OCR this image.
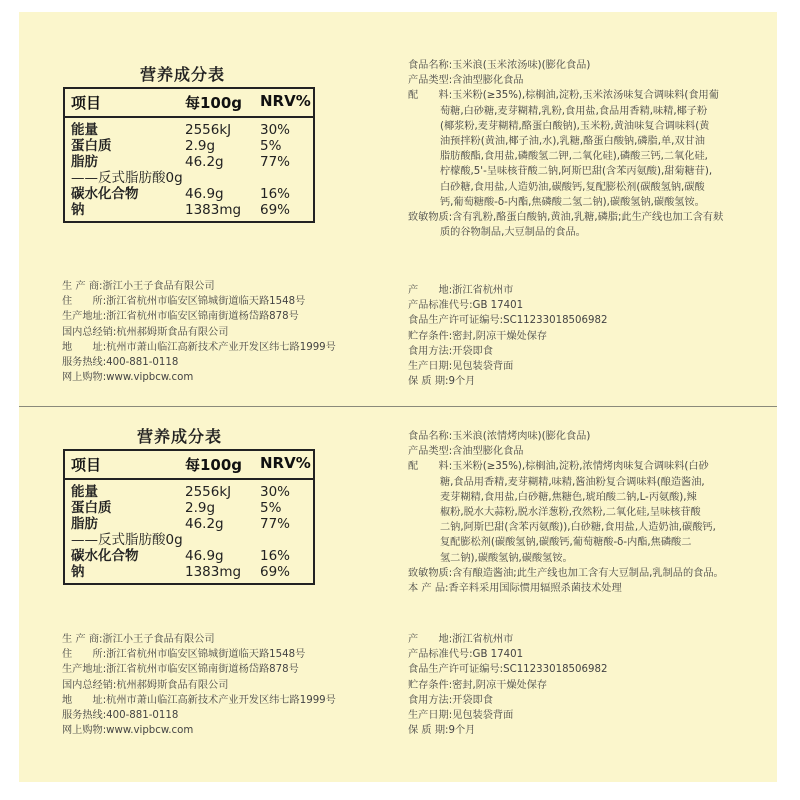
营养成分表
项目	每100g NRV%
能量	2556kJ 30%
蛋白质	2.9g	5%
脂肪	46.2g	77%
——反式脂肪酸0g
碳水化合物	46.9g	16%
钠	1383mg 69%
食品名称:玉米浪(玉米浓汤味)(膨化食品)
产品类型:含油型膨化食品
配　　料:玉米粉(≥35%),棕榈油,淀粉,玉米浓汤味复合调味料(食用葡
萄糖,白砂糖,麦芽糊精,乳粉,食用盐,食品用香精,味精,椰子粉
(椰浆粉,麦芽糊精,酪蛋白酸钠),玉米粉,黄油味复合调味料(黄
油预拌粉(黄油,椰子油,水),乳糖,酪蛋白酸钠,磷脂,单,双甘油
脂肪酸酯,食用盐,磷酸氢二钾,二氧化硅),磷酸三钙,二氧化硅,
柠檬酸,5'-呈味核苷酸二钠,阿斯巴甜(含苯丙氨酸),甜菊糖苷),
白砂糖,食用盐,人造奶油,碳酸钙,复配膨松剂(碳酸氢钠,碳酸
钙,葡萄糖酸-δ-内酯,焦磷酸二氢二钠),碳酸氢钠,碳酸氢铵。
致敏物质:含有乳粉,酪蛋白酸钠,黄油,乳糖,磷脂;此生产线也加工含有麸
质的谷物制品,大豆制品的食品。
生 产 商:浙江小王子食品有限公司
住　　所:浙江省杭州市临安区锦城街道临天路1548号
生产地址:浙江省杭州市临安区锦南街道杨岱路878号
国内总经销:杭州郝姆斯食品有限公司
地　　址:杭州市萧山临江高新技术产业开发区纬七路1999号
服务热线:400-881-0118
网上购物:www.vipbcw.com
产　　地:浙江省杭州市
产品标准代号:GB 17401
食品生产许可证编号:SC11233018506982
贮存条件:密封,阴凉干燥处保存
食用方法:开袋即食
生产日期:见包装袋背面
保 质 期:9个月
营养成分表
项目	每100g NRV%
能量	2556kJ 30%
蛋白质	2.9g	5%
脂肪	46.2g	77%
——反式脂肪酸0g
碳水化合物	46.9g	16%
钠	1383mg 69%
食品名称:玉米浪(浓情烤肉味)(膨化食品)
产品类型:含油型膨化食品
配　　料:玉米粉(≥35%),棕榈油,淀粉,浓情烤肉味复合调味料(白砂
糖,食品用香精,麦芽糊精,味精,酱油粉复合调味料(酿造酱油,
麦芽糊精,食用盐,白砂糖,焦糖色,琥珀酸二钠,L-丙氨酸),辣
椒粉,脱水大蒜粉,脱水洋葱粉,孜然粉,二氧化硅,呈味核苷酸
二钠,阿斯巴甜(含苯丙氨酸)),白砂糖,食用盐,人造奶油,碳酸钙,
复配膨松剂(碳酸氢钠,碳酸钙,葡萄糖酸-δ-内酯,焦磷酸二
氢二钠),碳酸氢钠,碳酸氢铵。
致敏物质:含有酿造酱油;此生产线也加工含有大豆制品,乳制品的食品。
本 产 品:香辛料采用国际惯用辐照杀菌技术处理
生 产 商:浙江小王子食品有限公司
住　　所:浙江省杭州市临安区锦城街道临天路1548号
生产地址:浙江省杭州市临安区锦南街道杨岱路878号
国内总经销:杭州郝姆斯食品有限公司
地　　址:杭州市萧山临江高新技术产业开发区纬七路1999号
服务热线:400-881-0118
网上购物:www.vipbcw.com
产　　地:浙江省杭州市
产品标准代号:GB 17401
食品生产许可证编号:SC11233018506982
贮存条件:密封,阴凉干燥处保存
食用方法:开袋即食
生产日期:见包装袋背面
保 质 期:9个月
